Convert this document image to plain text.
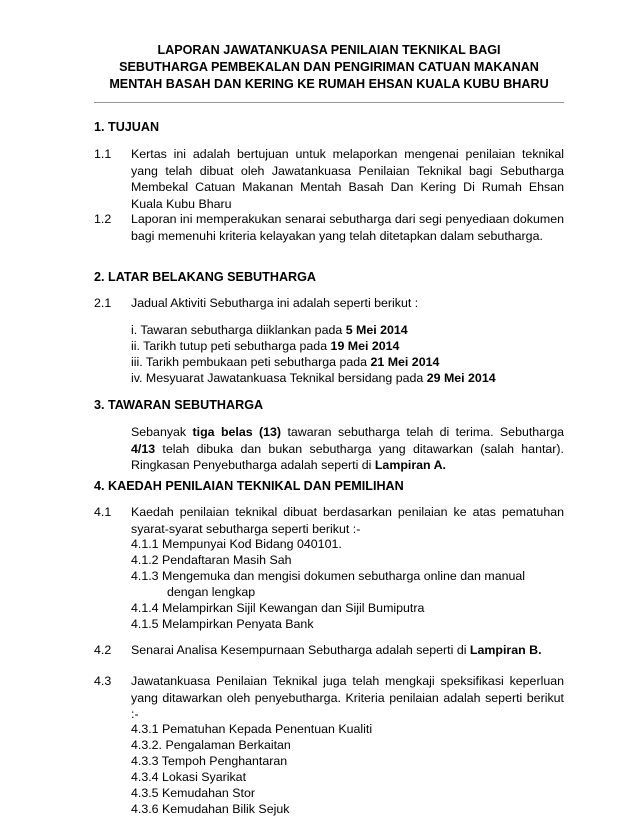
LAPORAN JAWATANKUASA PENILAIAN TEKNIKAL BAGI
SEBUTHARGA PEMBEKALAN DAN PENGIRIMAN CATUAN MAKANAN
MENTAH BASAH DAN KERING KE RUMAH EHSAN KUALA KUBU BHARU
1. TUJUAN
1.1 Kertas ini adalah bertujuan untuk melaporkan mengenai penilaian teknikal yang telah dibuat oleh Jawatankuasa Penilaian Teknikal bagi Sebutharga Membekal Catuan Makanan Mentah Basah Dan Kering Di Rumah Ehsan Kuala Kubu Bharu
1.2 Laporan ini memperakukan senarai sebutharga dari segi penyediaan dokumen bagi memenuhi kriteria kelayakan yang telah ditetapkan dalam sebutharga.
2. LATAR BELAKANG SEBUTHARGA
2.1 Jadual Aktiviti Sebutharga ini adalah seperti berikut :
i. Tawaran sebutharga diiklankan pada 5 Mei 2014
ii. Tarikh tutup peti sebutharga pada 19 Mei 2014
iii. Tarikh pembukaan peti sebutharga pada 21 Mei 2014
iv. Mesyuarat Jawatankuasa Teknikal bersidang pada 29 Mei 2014
3. TAWARAN SEBUTHARGA
Sebanyak tiga belas (13) tawaran sebutharga telah di terima. Sebutharga 4/13 telah dibuka dan bukan sebutharga yang ditawarkan (salah hantar). Ringkasan Penyebutharga adalah seperti di Lampiran A.
4. KAEDAH PENILAIAN TEKNIKAL DAN PEMILIHAN
4.1 Kaedah penilaian teknikal dibuat berdasarkan penilaian ke atas pematuhan syarat-syarat sebutharga seperti berikut :-
4.1.1 Mempunyai Kod Bidang 040101.
4.1.2 Pendaftaran Masih Sah
4.1.3 Mengemuka dan mengisi dokumen sebutharga online dan manual
dengan lengkap
4.1.4 Melampirkan Sijil Kewangan dan Sijil Bumiputra
4.1.5 Melampirkan Penyata Bank
4.2 Senarai Analisa Kesempurnaan Sebutharga adalah seperti di Lampiran B.
4.3 Jawatankuasa Penilaian Teknikal juga telah mengkaji speksifikasi keperluan yang ditawarkan oleh penyebutharga. Kriteria penilaian adalah seperti berikut :-
4.3.1 Pematuhan Kepada Penentuan Kualiti
4.3.2. Pengalaman Berkaitan
4.3.3 Tempoh Penghantaran
4.3.4 Lokasi Syarikat
4.3.5 Kemudahan Stor
4.3.6 Kemudahan Bilik Sejuk
